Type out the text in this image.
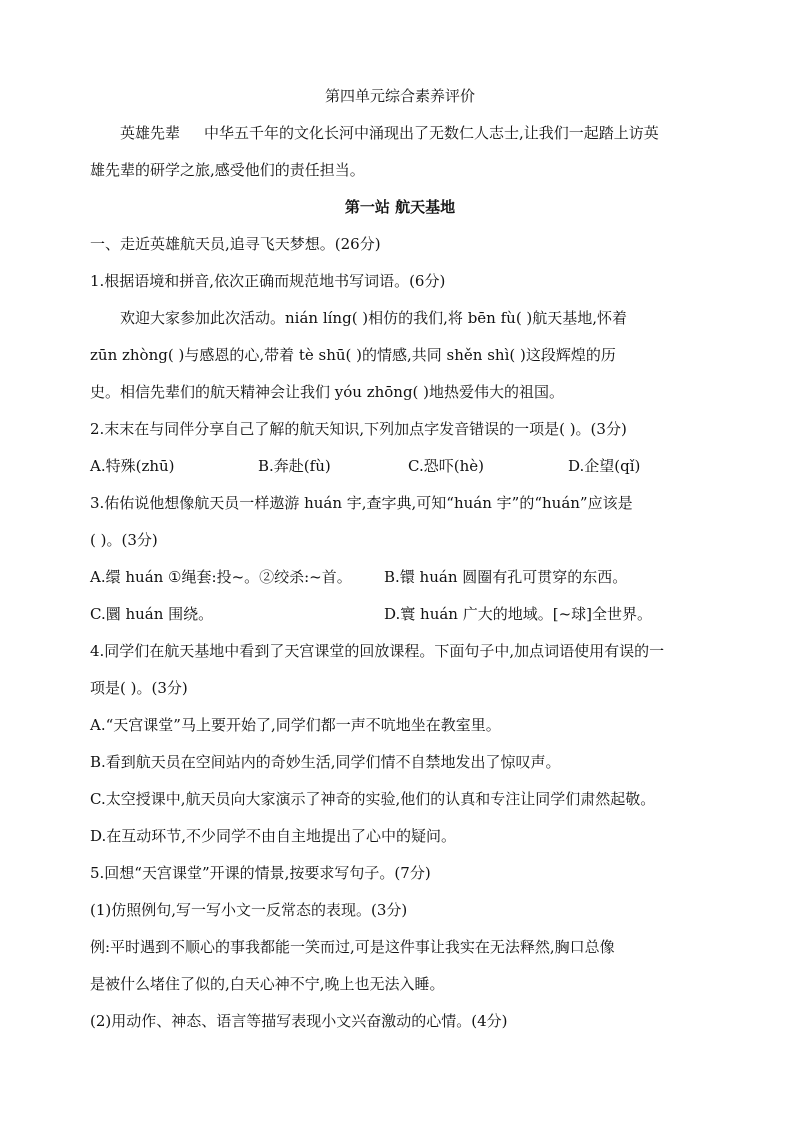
第四单元综合素养评价
英雄先辈 中华五千年的文化长河中涌现出了无数仁人志士,让我们一起踏上访英
雄先辈的研学之旅,感受他们的责任担当。
第一站 航天基地
一、走近英雄航天员,追寻飞天梦想。(26分)
1.根据语境和拼音,依次正确而规范地书写词语。(6分)
欢迎大家参加此次活动。nián líng( )相仿的我们,将 bēn fù( )航天基地,怀着
zūn zhòng( )与感恩的心,带着 tè shū( )的情感,共同 shěn shì( )这段辉煌的历
史。相信先辈们的航天精神会让我们 yóu zhōng( )地热爱伟大的祖国。
2.末末在与同伴分享自己了解的航天知识,下列加点字发音错误的一项是( )。(3分)
A.特殊(zhū)	B.奔赴(fù)	C.恐吓(hè)	D.企望(qǐ)
3.佑佑说他想像航天员一样遨游 huán 宇,查字典,可知“huán 宇”的“huán”应该是
( )。(3分)
A.缳 huán ①绳套:投~。②绞杀:~首。	B.镮 huán 圆圈有孔可贯穿的东西。
C.圜 huán 围绕。	D.寰 huán 广大的地域。[~球]全世界。
4.同学们在航天基地中看到了天宫课堂的回放课程。下面句子中,加点词语使用有误的一
项是( )。(3分)
A.“天宫课堂”马上要开始了,同学们都一声不吭地坐在教室里。
B.看到航天员在空间站内的奇妙生活,同学们情不自禁地发出了惊叹声。
C.太空授课中,航天员向大家演示了神奇的实验,他们的认真和专注让同学们肃然起敬。
D.在互动环节,不少同学不由自主地提出了心中的疑问。
5.回想“天宫课堂”开课的情景,按要求写句子。(7分)
(1)仿照例句,写一写小文一反常态的表现。(3分)
例:平时遇到不顺心的事我都能一笑而过,可是这件事让我实在无法释然,胸口总像
是被什么堵住了似的,白天心神不宁,晚上也无法入睡。
(2)用动作、神态、语言等描写表现小文兴奋激动的心情。(4分)
